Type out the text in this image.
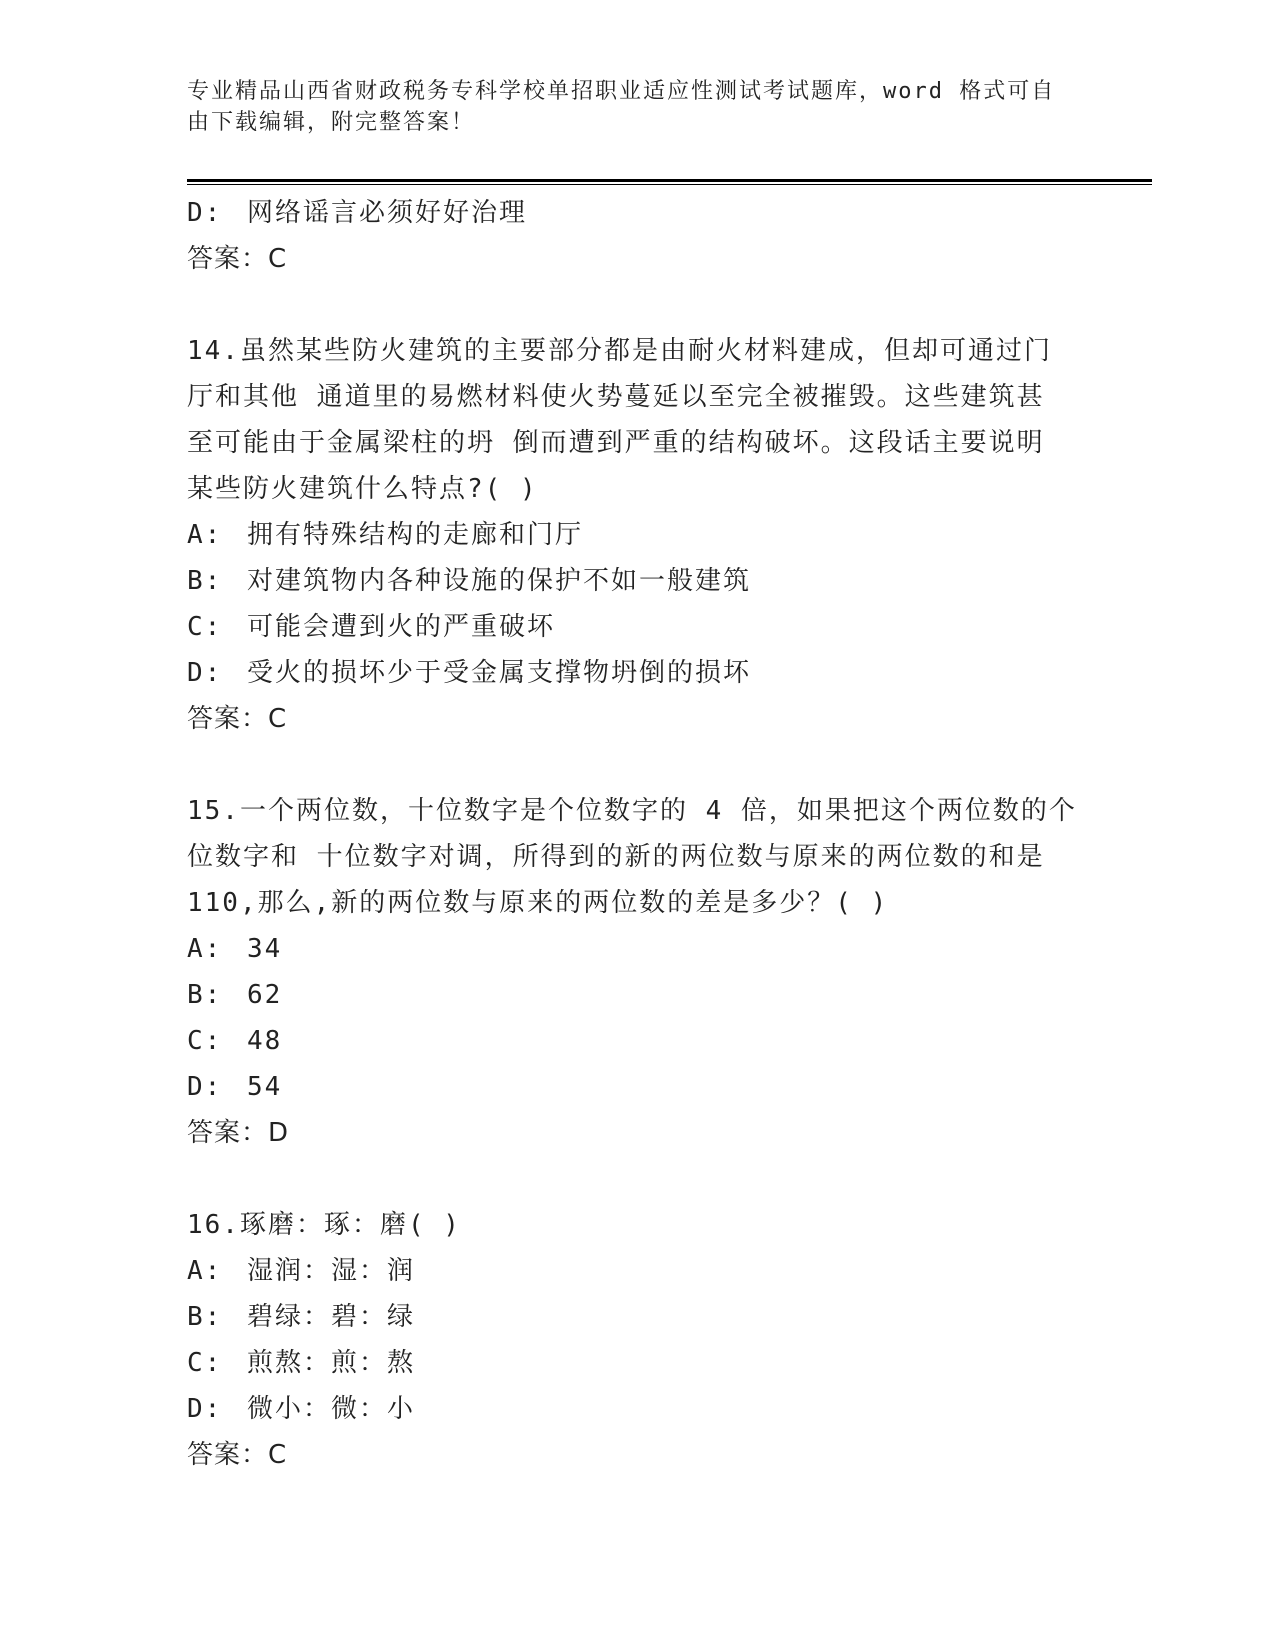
专业精品山西省财政税务专科学校单招职业适应性测试考试题库，word 格式可自
由下载编辑，附完整答案！
D: 网络谣言必须好好治理
答案：C
14.虽然某些防火建筑的主要部分都是由耐火材料建成，但却可通过门
厅和其他 通道里的易燃材料使火势蔓延以至完全被摧毁。这些建筑甚
至可能由于金属梁柱的坍 倒而遭到严重的结构破坏。这段话主要说明
某些防火建筑什么特点?( )
A: 拥有特殊结构的走廊和门厅
B: 对建筑物内各种设施的保护不如一般建筑
C: 可能会遭到火的严重破坏
D: 受火的损坏少于受金属支撑物坍倒的损坏
答案：C
15.一个两位数，十位数字是个位数字的 4 倍，如果把这个两位数的个
位数字和 十位数字对调，所得到的新的两位数与原来的两位数的和是
110,那么,新的两位数与原来的两位数的差是多少？( )
A: 34
B: 62
C: 48
D: 54
答案：D
16.琢磨：琢：磨( )
A: 湿润：湿：润
B: 碧绿：碧：绿
C: 煎熬：煎：熬
D: 微小：微：小
答案：C
